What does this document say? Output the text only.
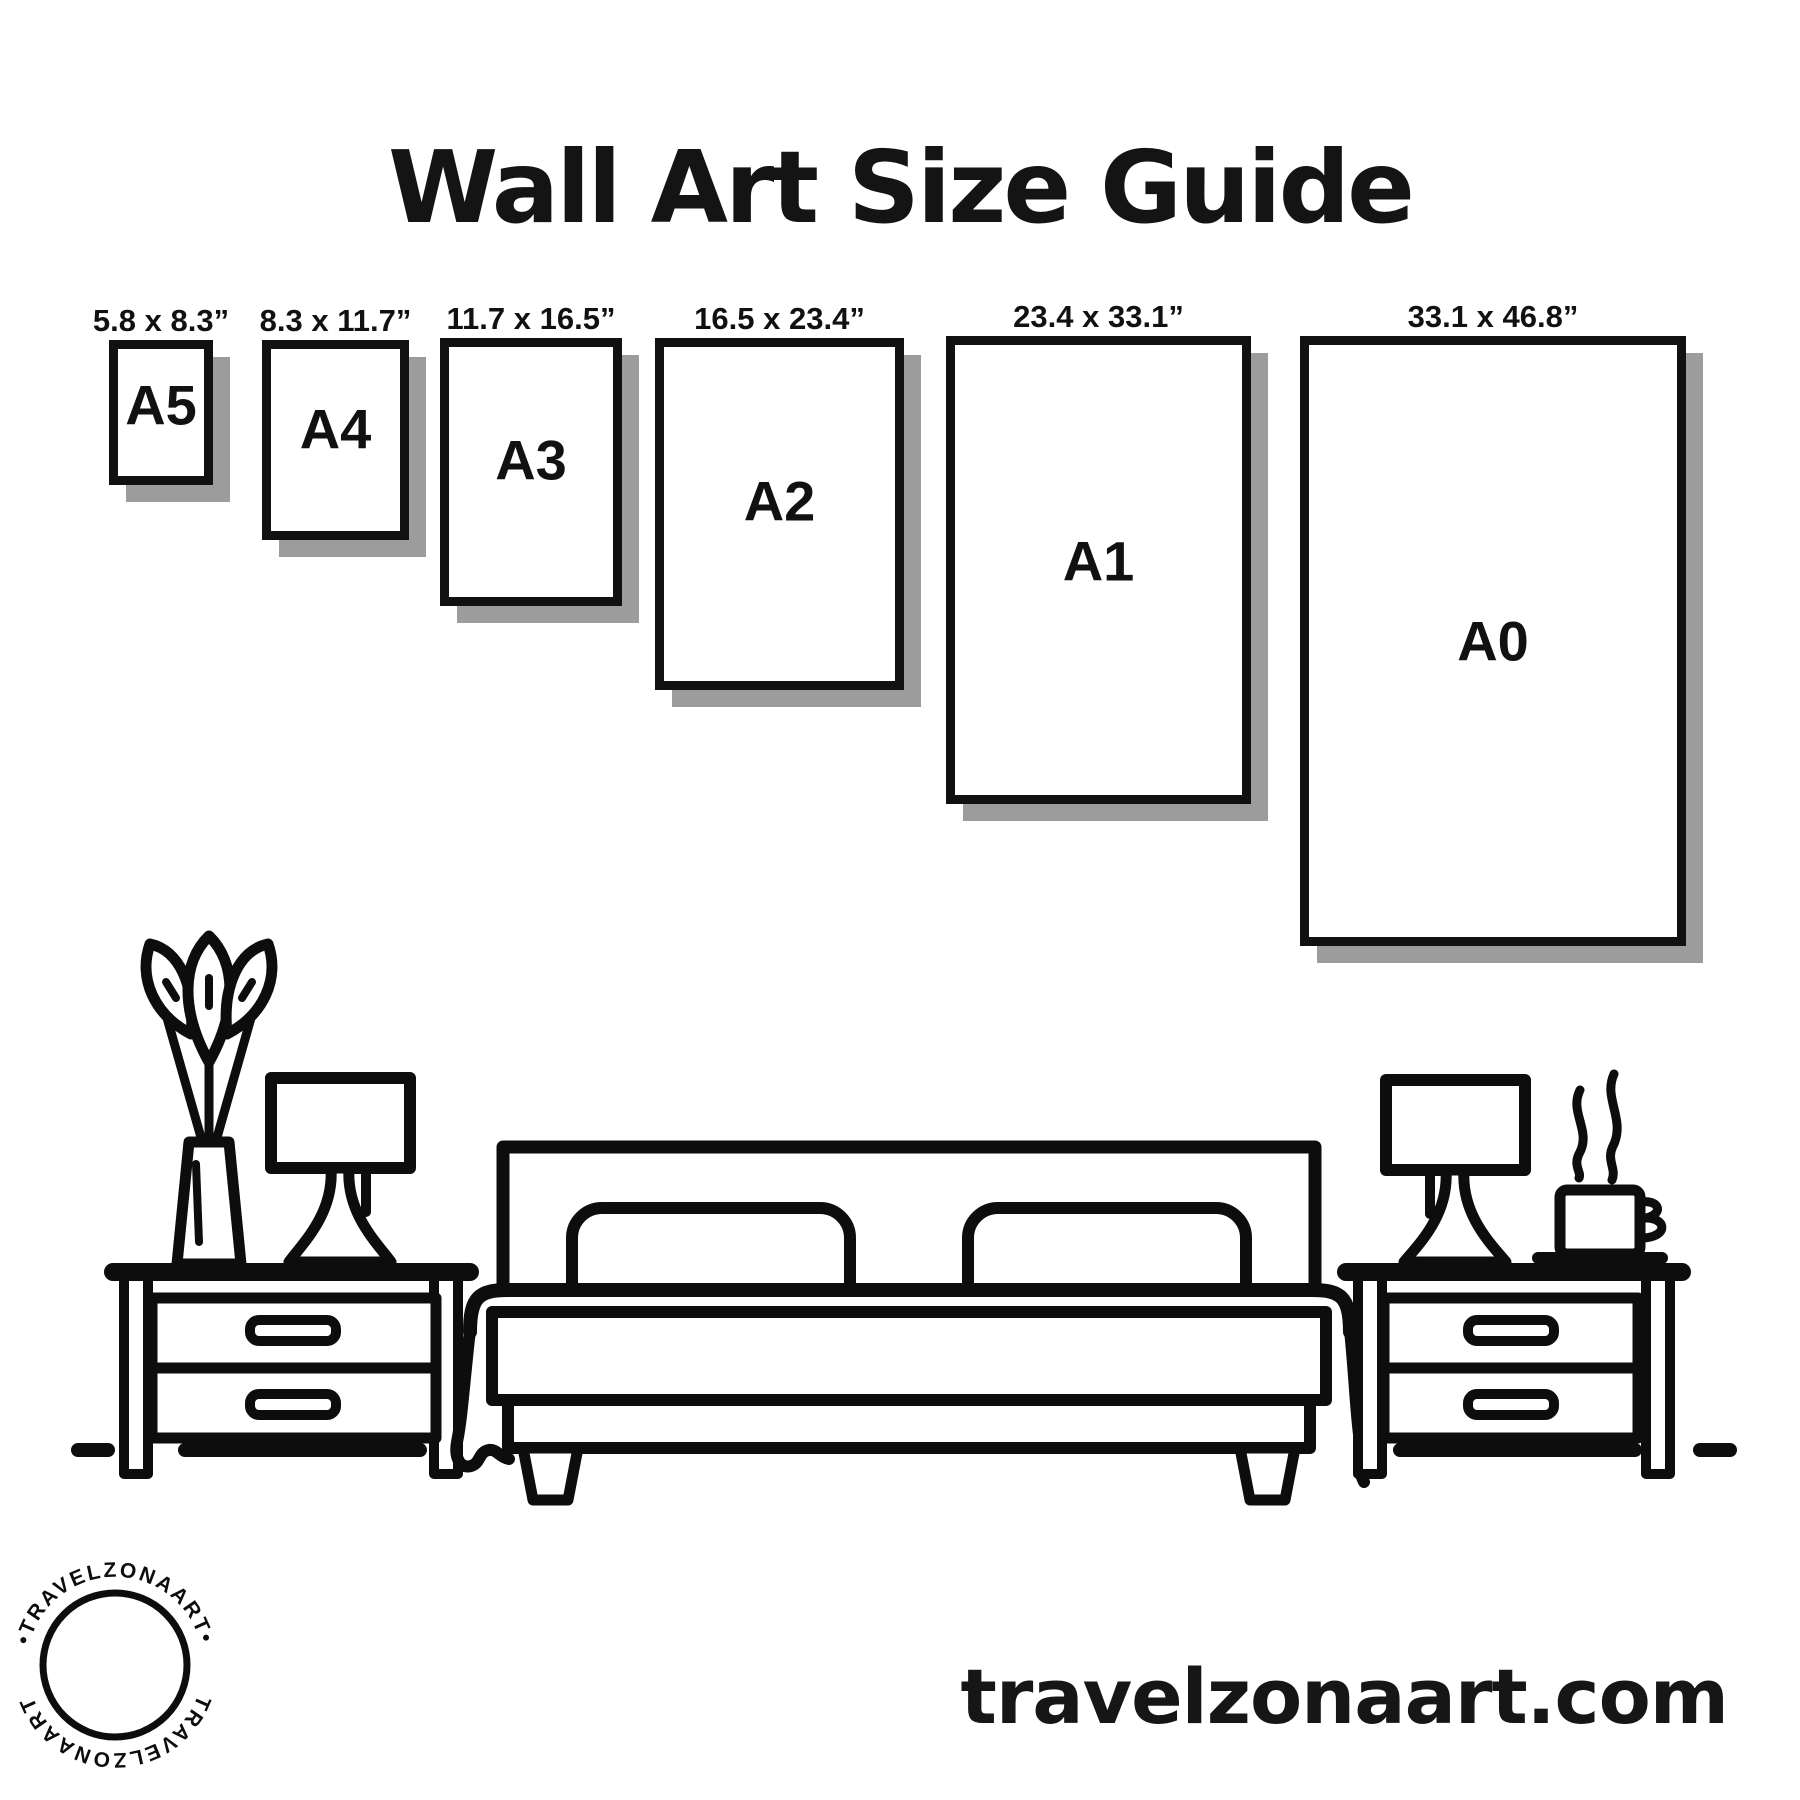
Wall Art Size Guide
5.8 x 8.3”
A5
8.3 x 11.7”
A4
11.7 x 16.5”
A3
16.5 x 23.4”
A2
23.4 x 33.1”
A1
33.1 x 46.8”
A0
•TRAVELZONAART•
TRAVELZONAART	travelzonaart.com
